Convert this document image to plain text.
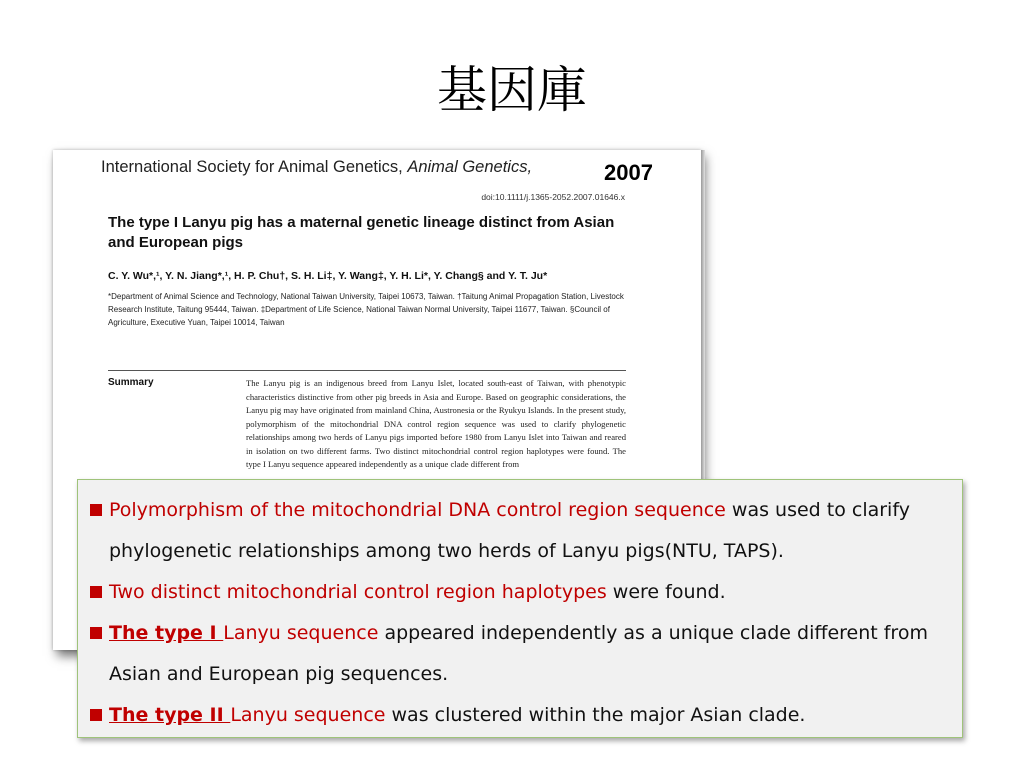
基因庫
International Society for Animal Genetics, Animal Genetics,
doi:10.1111/j.1365-2052.2007.01646.x
The type I Lanyu pig has a maternal genetic lineage distinct from Asian and European pigs
C. Y. Wu*,¹, Y. N. Jiang*,¹, H. P. Chu†, S. H. Li‡, Y. Wang‡, Y. H. Li*, Y. Chang§ and Y. T. Ju*
*Department of Animal Science and Technology, National Taiwan University, Taipei 10673, Taiwan. †Taitung Animal Propagation Station, Livestock Research Institute, Taitung 95444, Taiwan. ‡Department of Life Science, National Taiwan Normal University, Taipei 11677, Taiwan. §Council of Agriculture, Executive Yuan, Taipei 10014, Taiwan
Summary	The Lanyu pig is an indigenous breed from Lanyu Islet, located south-east of Taiwan, with phenotypic characteristics distinctive from other pig breeds in Asia and Europe. Based on geographic considerations, the Lanyu pig may have originated from mainland China, Austronesia or the Ryukyu Islands. In the present study, polymorphism of the mitochondrial DNA control region sequence was used to clarify phylogenetic relationships among two herds of Lanyu pigs imported before 1980 from Lanyu Islet into Taiwan and reared in isolation on two different farms. Two distinct mitochondrial control region haplotypes were found. The type I Lanyu sequence appeared independently as a unique clade different from
2007
Polymorphism of the mitochondrial DNA control region sequence was used to clarify phylogenetic relationships among two herds of Lanyu pigs(NTU, TAPS).
Two distinct mitochondrial control region haplotypes were found.
The type I Lanyu sequence appeared independently as a unique clade different from Asian and European pig sequences.
The type II Lanyu sequence was clustered within the major Asian clade.
